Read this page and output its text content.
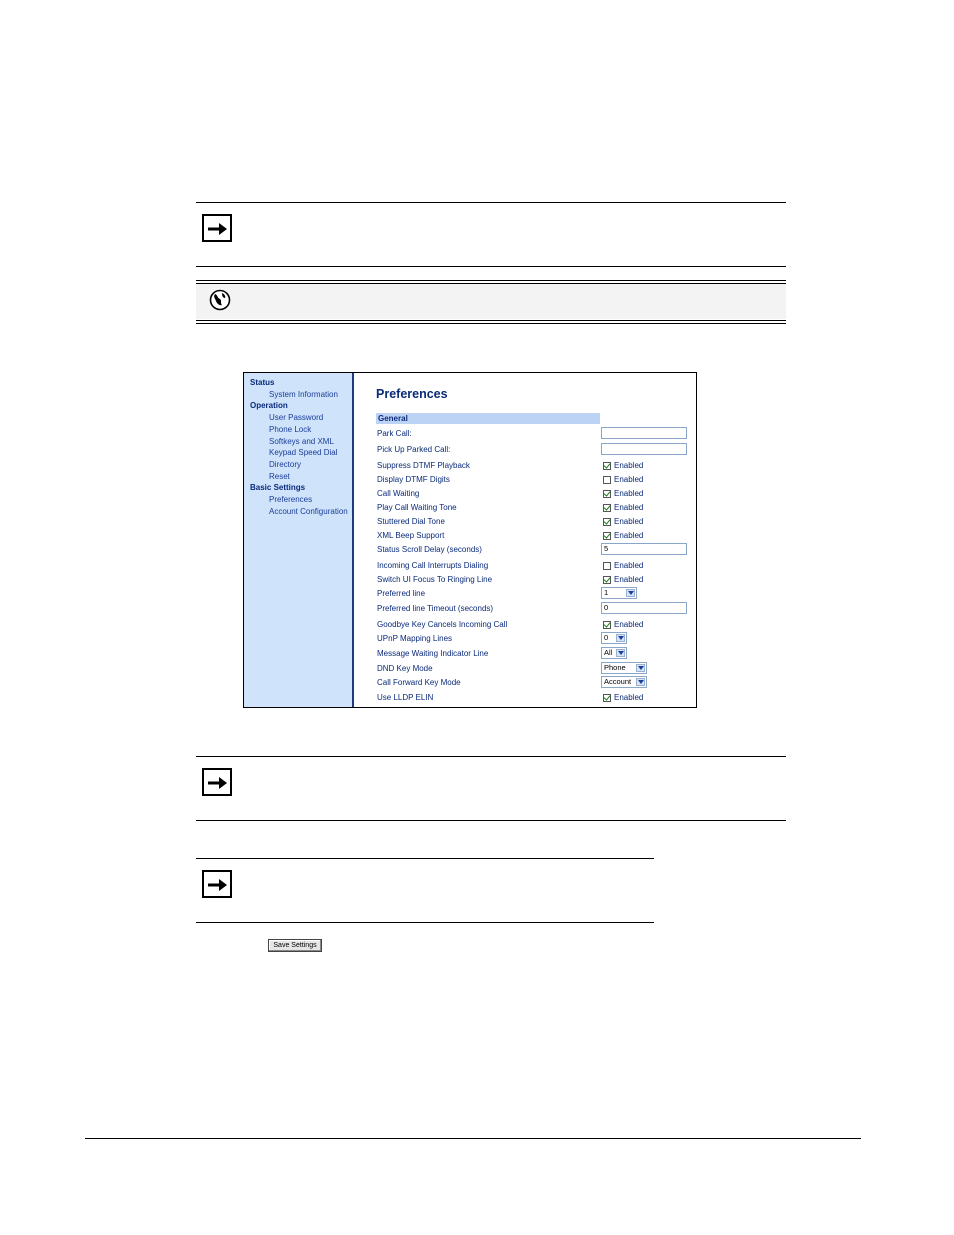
Status
System Information
Operation
User Password
Phone Lock
Softkeys and XML
Keypad Speed Dial
Directory
Reset
Basic Settings
Preferences
Account Configuration
Preferences
General
Park Call:
Pick Up Parked Call:
Suppress DTMF Playback	Enabled
Display DTMF Digits	Enabled
Call Waiting	Enabled
Play Call Waiting Tone	Enabled
Stuttered Dial Tone	Enabled
XML Beep Support	Enabled
Status Scroll Delay (seconds)	5
Incoming Call Interrupts Dialing	Enabled
Switch UI Focus To Ringing Line	Enabled
Preferred line	1
Preferred line Timeout (seconds)	0
Goodbye Key Cancels Incoming Call	Enabled
UPnP Mapping Lines	0
Message Waiting Indicator Line	All
DND Key Mode	Phone
Call Forward Key Mode	Account
Use LLDP ELIN	Enabled
Save Settings
